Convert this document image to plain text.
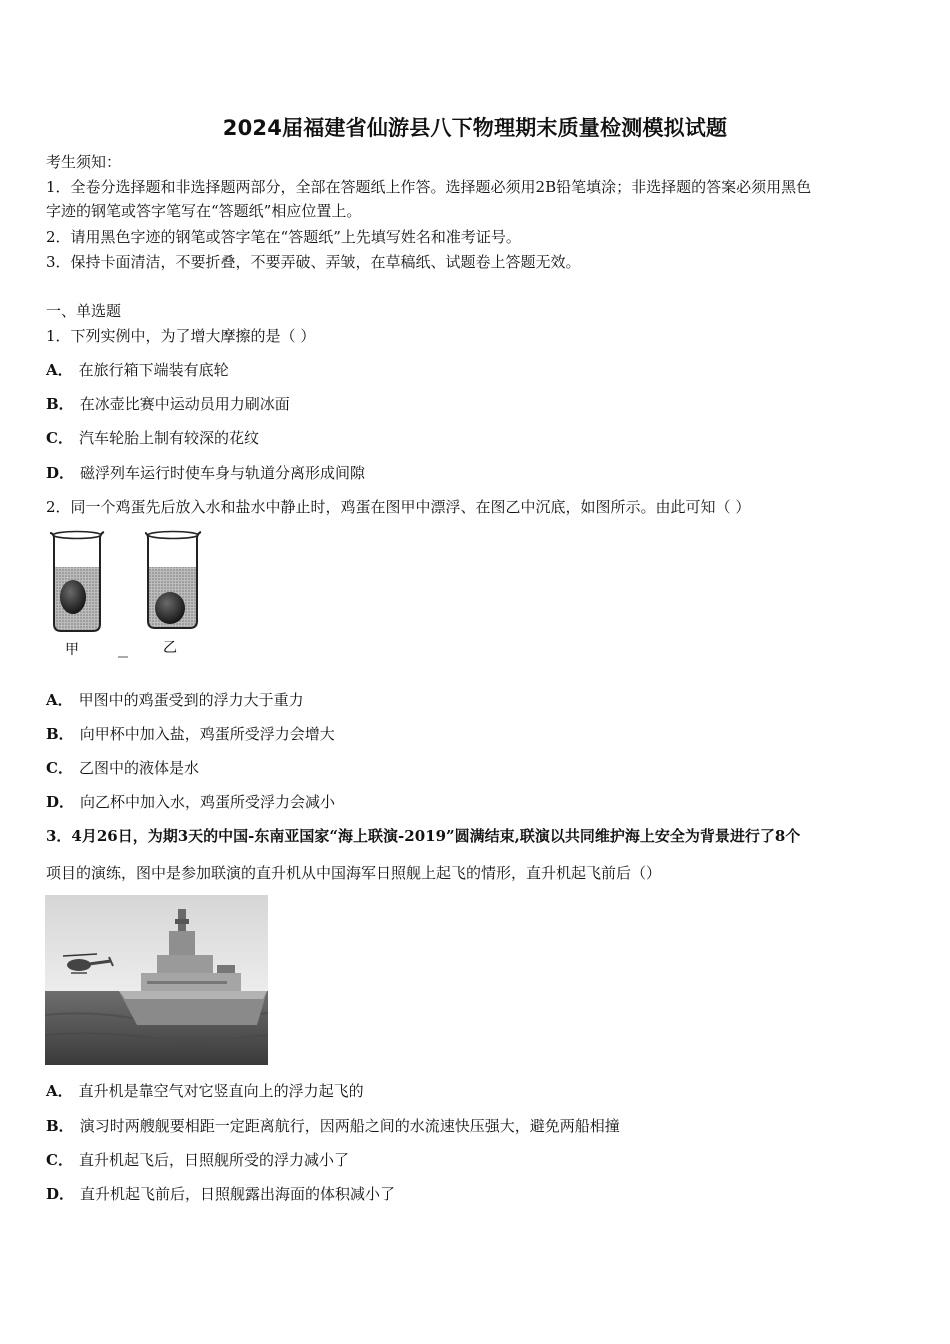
2024届福建省仙游县八下物理期末质量检测模拟试题
考生须知：
1．全卷分选择题和非选择题两部分，全部在答题纸上作答。选择题必须用2B铅笔填涂；非选择题的答案必须用黑色
字迹的钢笔或答字笔写在“答题纸”相应位置上。
2．请用黑色字迹的钢笔或答字笔在“答题纸”上先填写姓名和准考证号。
3．保持卡面清洁，不要折叠，不要弄破、弄皱，在草稿纸、试题卷上答题无效。
一、单选题
1．下列实例中，为了增大摩擦的是（ ）
A． 在旅行箱下端装有底轮
B． 在冰壶比赛中运动员用力刷冰面
C． 汽车轮胎上制有较深的花纹
D． 磁浮列车运行时使车身与轨道分离形成间隙
2．同一个鸡蛋先后放入水和盐水中静止时，鸡蛋在图甲中漂浮、在图乙中沉底，如图所示。由此可知（ ）
甲	乙
A． 甲图中的鸡蛋受到的浮力大于重力
B． 向甲杯中加入盐，鸡蛋所受浮力会增大
C． 乙图中的液体是水
D． 向乙杯中加入水，鸡蛋所受浮力会减小
3．4月26日，为期3天的中国-东南亚国家“海上联演-2019”圆满结束,联演以共同维护海上安全为背景进行了8个
项目的演练，图中是参加联演的直升机从中国海军日照舰上起飞的情形，直升机起飞前后（）
A． 直升机是靠空气对它竖直向上的浮力起飞的
B． 演习时两艘舰要相距一定距离航行，因两船之间的水流速快压强大，避免两船相撞
C． 直升机起飞后，日照舰所受的浮力减小了
D． 直升机起飞前后，日照舰露出海面的体积减小了
